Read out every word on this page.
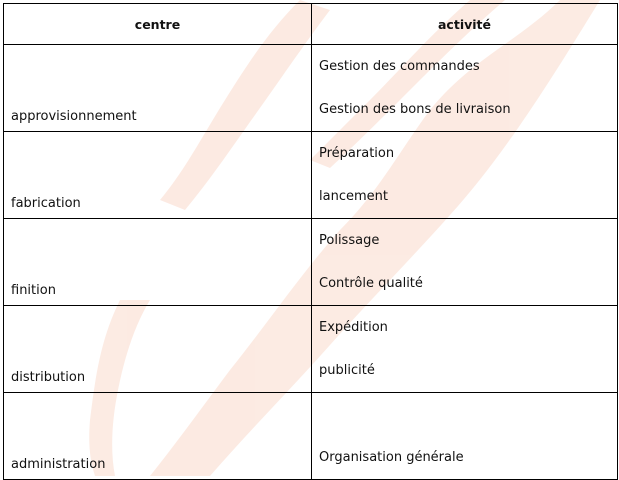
centre	activité
approvisionnement	Gestion des commandes
Gestion des bons de livraison

fabrication	Préparation
lancement

finition	Polissage
Contrôle qualité

distribution	Expédition
publicité

administration	Organisation générale
